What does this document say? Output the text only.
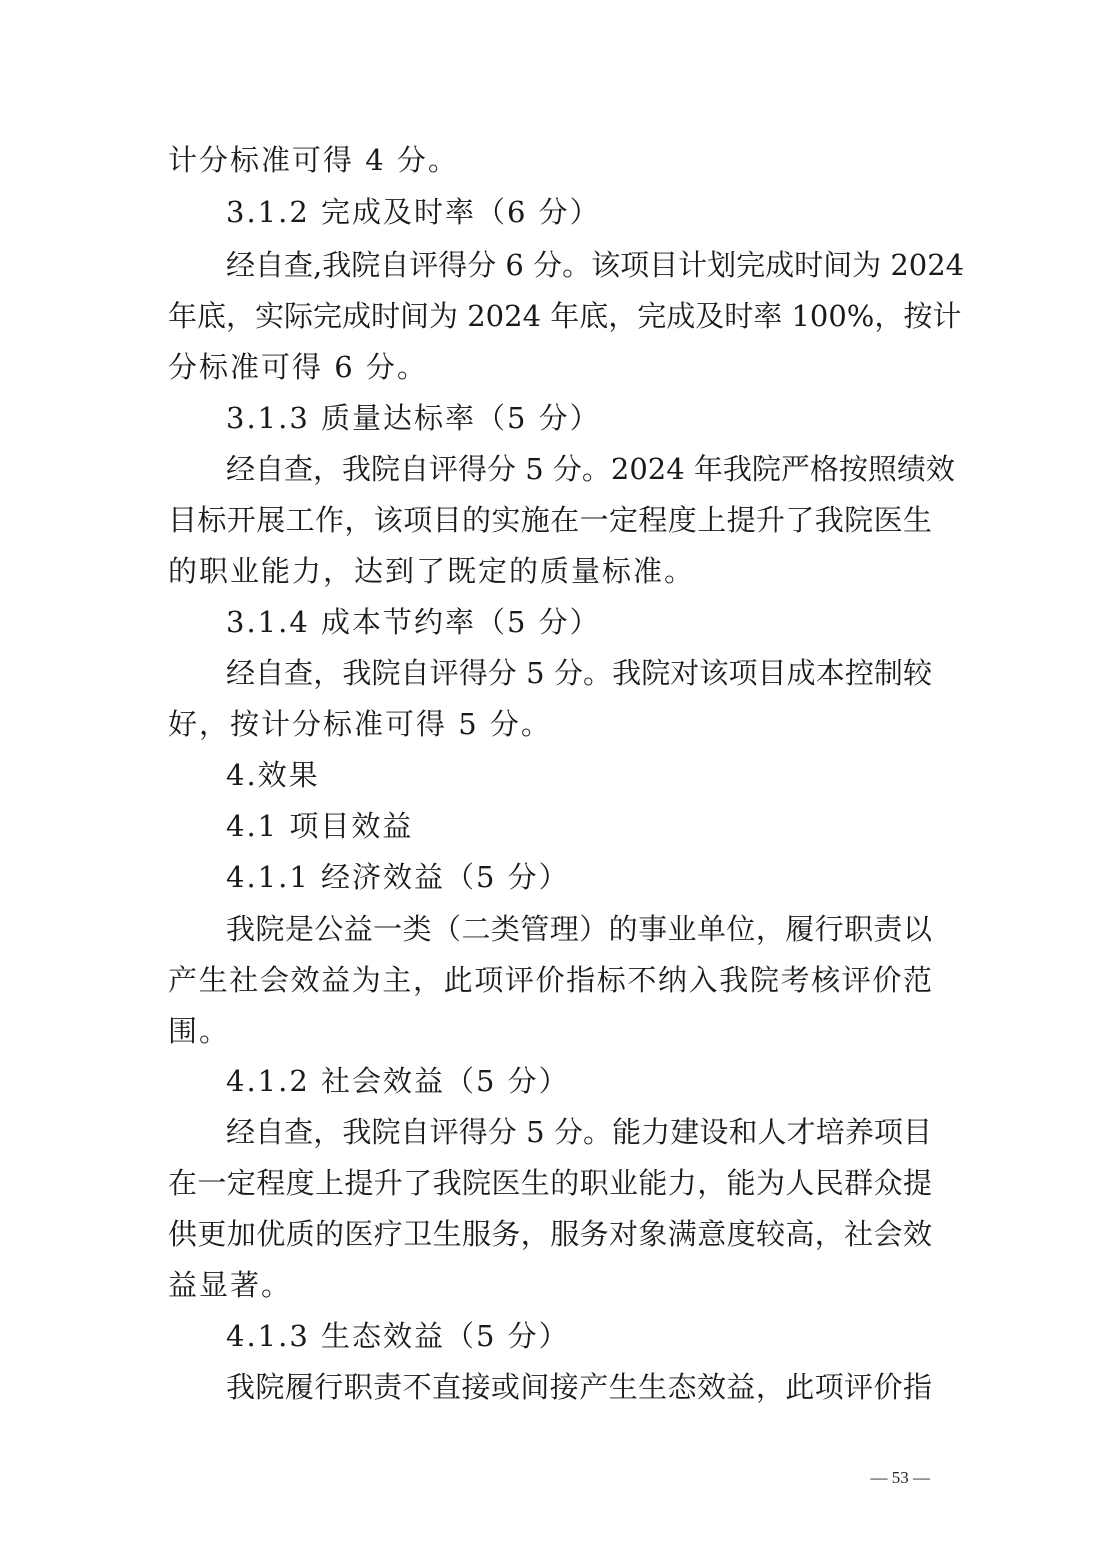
计分标准可得 4 分。
3.1.2 完成及时率（6 分）
经自查,我院自评得分 6 分。该项目计划完成时间为 2024
年底，实际完成时间为 2024 年底，完成及时率 100%，按计
分标准可得 6 分。
3.1.3 质量达标率（5 分）
经自查，我院自评得分 5 分。2024 年我院严格按照绩效
目标开展工作，该项目的实施在一定程度上提升了我院医生
的职业能力，达到了既定的质量标准。
3.1.4 成本节约率（5 分）
经自查，我院自评得分 5 分。我院对该项目成本控制较
好，按计分标准可得 5 分。
4.效果
4.1 项目效益
4.1.1 经济效益（5 分）
我院是公益一类（二类管理）的事业单位，履行职责以
产生社会效益为主，此项评价指标不纳入我院考核评价范
围。
4.1.2 社会效益（5 分）
经自查，我院自评得分 5 分。能力建设和人才培养项目
在一定程度上提升了我院医生的职业能力，能为人民群众提
供更加优质的医疗卫生服务，服务对象满意度较高，社会效
益显著。
4.1.3 生态效益（5 分）
我院履行职责不直接或间接产生生态效益，此项评价指
— 53 —
